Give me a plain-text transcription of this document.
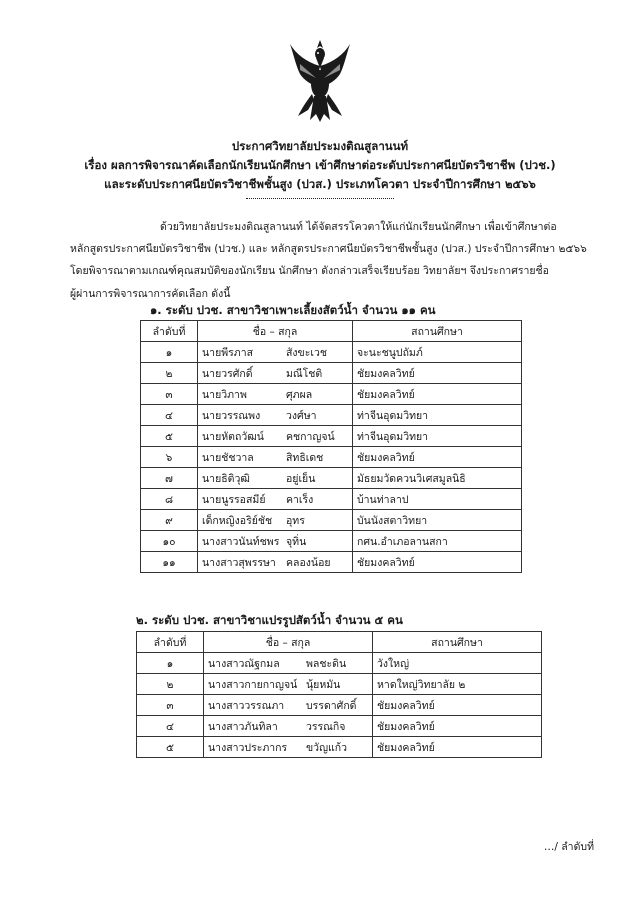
ประกาศวิทยาลัยประมงติณสูลานนท์
เรื่อง ผลการพิจารณาคัดเลือกนักเรียนนักศึกษา เข้าศึกษาต่อระดับประกาศนียบัตรวิชาชีพ (ปวช.)
และระดับประกาศนียบัตรวิชาชีพชั้นสูง (ปวส.) ประเภทโควตา ประจำปีการศึกษา ๒๕๖๖
ด้วยวิทยาลัยประมงติณสูลานนท์ ได้จัดสรรโควตาให้แก่นักเรียนนักศึกษา เพื่อเข้าศึกษาต่อ
หลักสูตรประกาศนียบัตรวิชาชีพ (ปวช.) และ หลักสูตรประกาศนียบัตรวิชาชีพชั้นสูง (ปวส.) ประจำปีการศึกษา ๒๕๖๖
โดยพิจารณาตามเกณฑ์คุณสมบัติของนักเรียน นักศึกษา ดังกล่าวเสร็จเรียบร้อย วิทยาลัยฯ จึงประกาศรายชื่อ
ผู้ผ่านการพิจารณาการคัดเลือก ดังนี้
๑. ระดับ ปวช. สาขาวิชาเพาะเลี้ยงสัตว์น้ำ จำนวน ๑๑ คน
ลำดับที่	ชื่อ – สกุล	สถานศึกษา
๑	นายพีรภาส สังขะเวช	จะนะชนูปถัมภ์
๒	นายวรศักดิ์ มณีโชติ	ชัยมงคลวิทย์
๓	นายวิภาพ ศุภผล	ชัยมงคลวิทย์
๔	นายวรรณพง วงศ์ษา	ท่าจีนอุดมวิทยา
๕	นายหัตถวัฒน์ คชกาญจน์	ท่าจีนอุดมวิทยา
๖	นายชัชวาล สิทธิเดช	ชัยมงคลวิทย์
๗	นายธิติวุฒิ อยู่เย็น	มัธยมวัดควนวิเศสมูลนิธิ
๘	นายนูรรอสมีย์ คาเร็ง	บ้านท่าลาป
๙	เด็กหญิงอริย์ชัช อุทร	บันนังสตาวิทยา
๑๐	นางสาวนันท์ชพร จุทิ่น	กศน.อำเภอลานสกา
๑๑	นางสาวสุพรรษา คลองน้อย	ชัยมงคลวิทย์
๒. ระดับ ปวช. สาขาวิชาแปรรูปสัตว์น้ำ จำนวน ๕ คน
ลำดับที่	ชื่อ – สกุล	สถานศึกษา
๑	นางสาวณัฐกมล พลชะดิน	วังใหญ่
๒	นางสาวกายกาญจน์ นุ้ยหมัน	หาดใหญ่วิทยาลัย ๒
๓	นางสาววรรณภา บรรดาศักดิ์	ชัยมงคลวิทย์
๔	นางสาวภันทิลา วรรณกิจ	ชัยมงคลวิทย์
๕	นางสาวประภากร ขวัญแก้ว	ชัยมงคลวิทย์
…/ ลำดับที่
